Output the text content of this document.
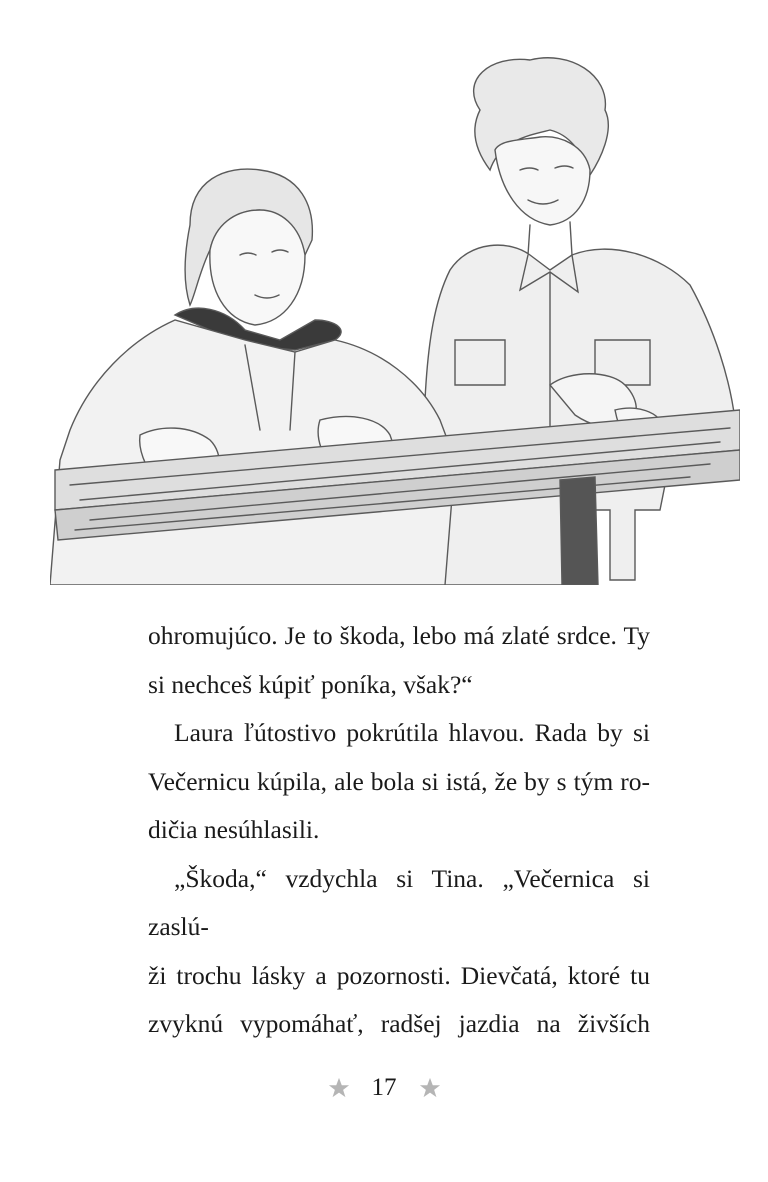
ohromujúco. Je to škoda, lebo má zlaté srdce. Ty
si nechceš kúpiť poníka, však?“

Laura ľútostivo pokrútila hlavou. Rada by si
Večernicu kúpila, ale bola si istá, že by s tým ro-
dičia nesúhlasili.

„Škoda,“ vzdychla si Tina. „Večernica si zaslú-
ži trochu lásky a pozornosti. Dievčatá, ktoré tu
zvyknú vypomáhať, radšej jazdia na živších

17
